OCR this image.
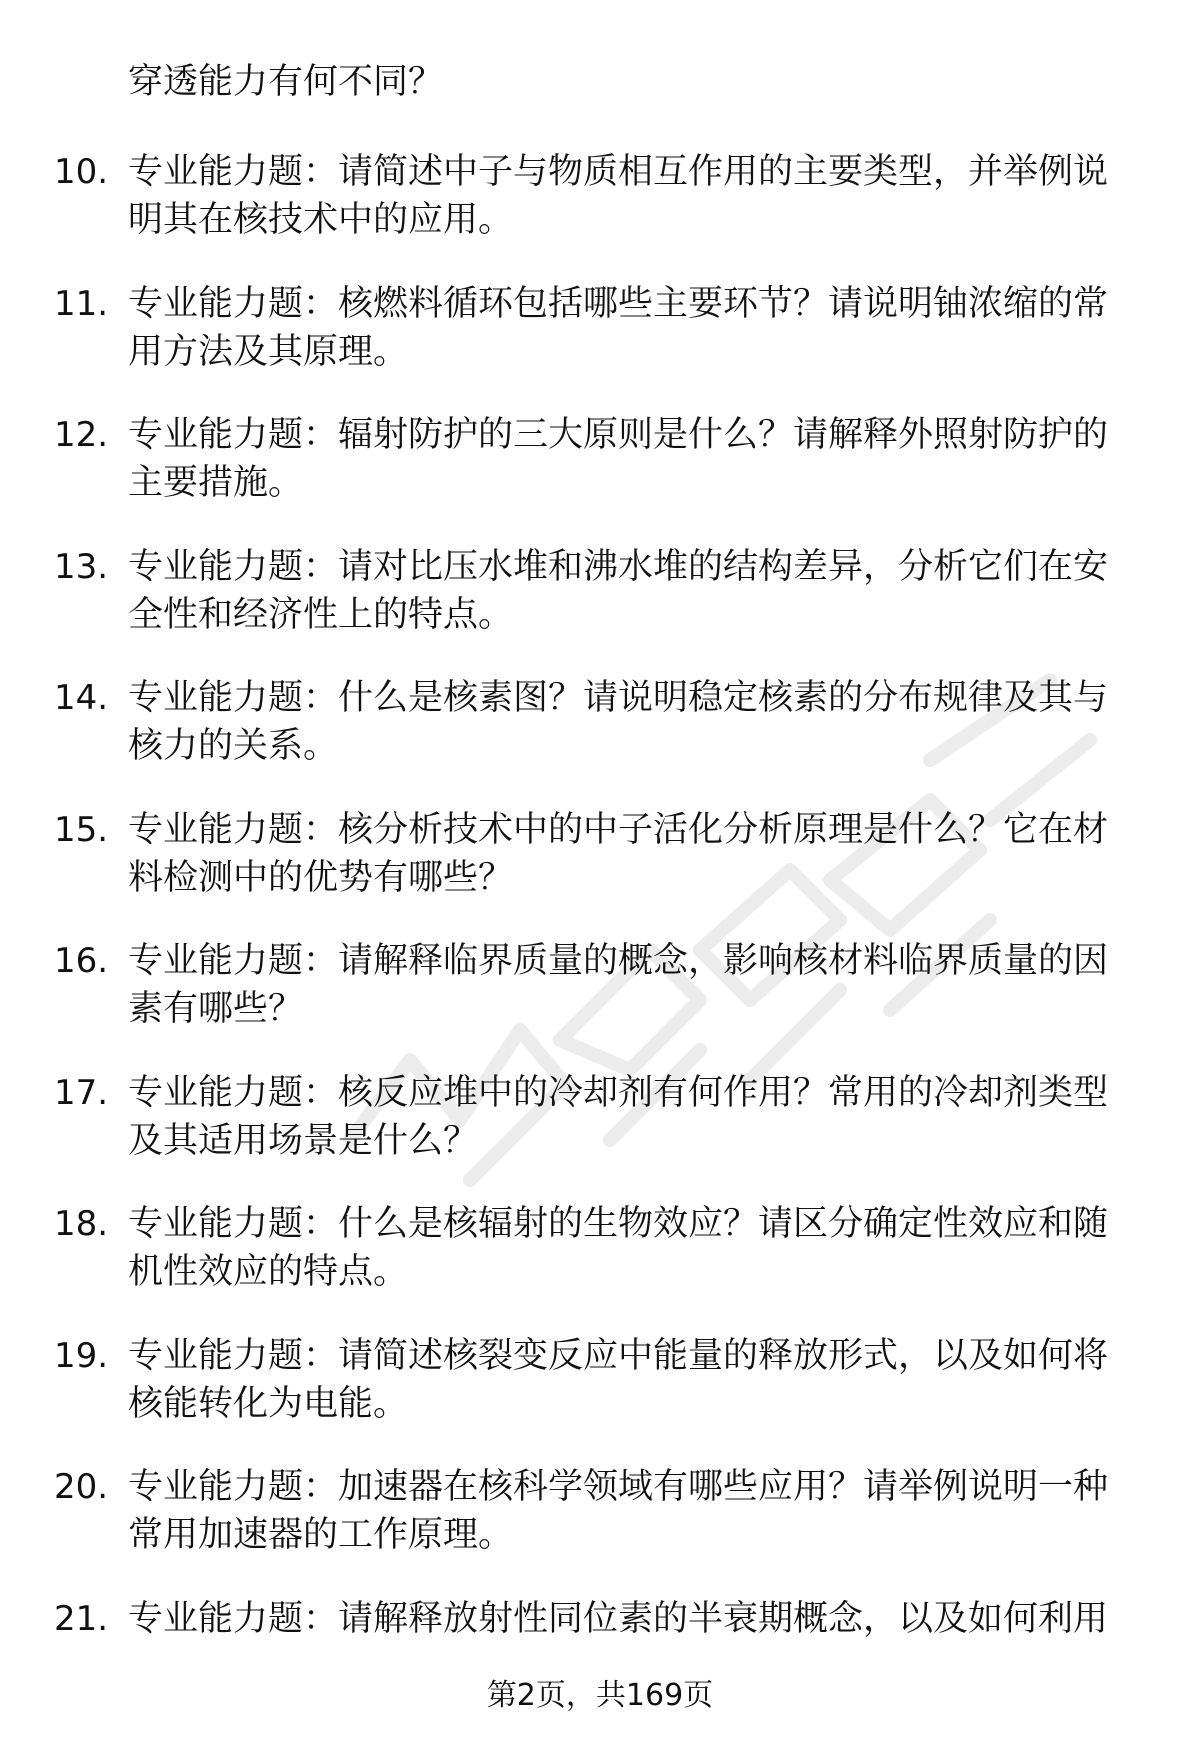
穿透能力有何不同？
10. 专业能力题：请简述中子与物质相互作用的主要类型，并举例说
明其在核技术中的应用。
11. 专业能力题：核燃料循环包括哪些主要环节？请说明铀浓缩的常
用方法及其原理。
12. 专业能力题：辐射防护的三大原则是什么？请解释外照射防护的
主要措施。
13. 专业能力题：请对比压水堆和沸水堆的结构差异，分析它们在安
全性和经济性上的特点。
14. 专业能力题：什么是核素图？请说明稳定核素的分布规律及其与
核力的关系。
15. 专业能力题：核分析技术中的中子活化分析原理是什么？它在材
料检测中的优势有哪些？
16. 专业能力题：请解释临界质量的概念，影响核材料临界质量的因
素有哪些？
17. 专业能力题：核反应堆中的冷却剂有何作用？常用的冷却剂类型
及其适用场景是什么？
18. 专业能力题：什么是核辐射的生物效应？请区分确定性效应和随
机性效应的特点。
19. 专业能力题：请简述核裂变反应中能量的释放形式，以及如何将
核能转化为电能。
20. 专业能力题：加速器在核科学领域有哪些应用？请举例说明一种
常用加速器的工作原理。
21. 专业能力题：请解释放射性同位素的半衰期概念，以及如何利用
第2页，共169页
